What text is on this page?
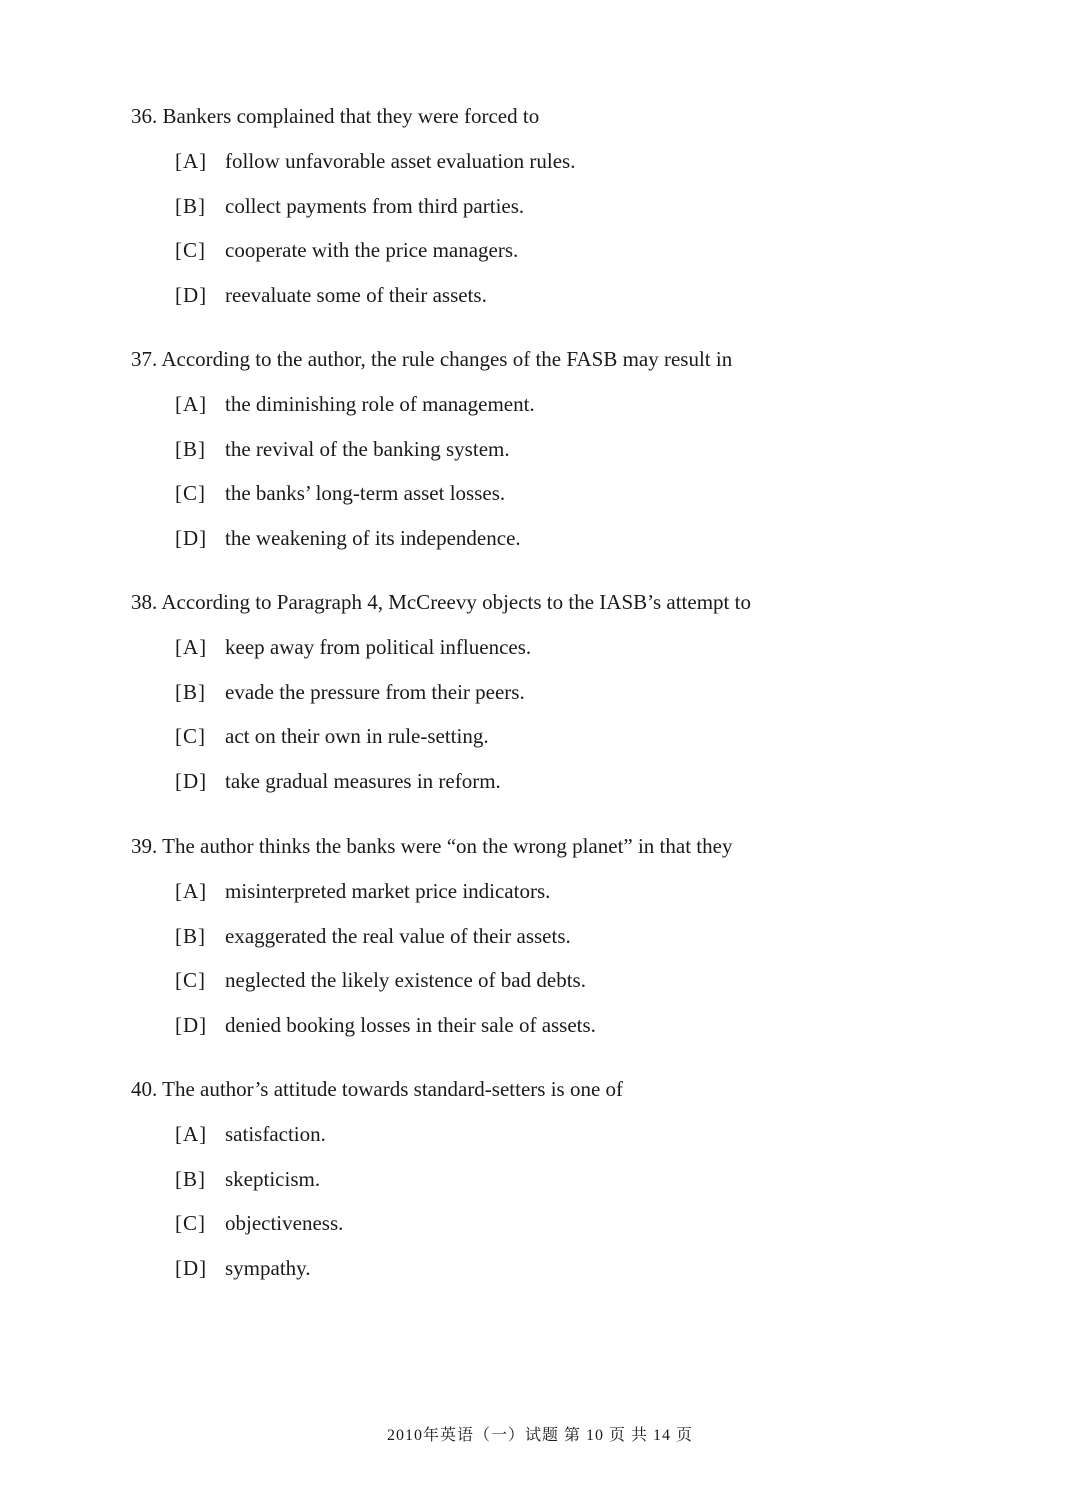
36. Bankers complained that they were forced to
[A] follow unfavorable asset evaluation rules.
[B] collect payments from third parties.
[C] cooperate with the price managers.
[D] reevaluate some of their assets.
37. According to the author, the rule changes of the FASB may result in
[A] the diminishing role of management.
[B] the revival of the banking system.
[C] the banks’ long-term asset losses.
[D] the weakening of its independence.
38. According to Paragraph 4, McCreevy objects to the IASB’s attempt to
[A] keep away from political influences.
[B] evade the pressure from their peers.
[C] act on their own in rule-setting.
[D] take gradual measures in reform.
39. The author thinks the banks were “on the wrong planet” in that they
[A] misinterpreted market price indicators.
[B] exaggerated the real value of their assets.
[C] neglected the likely existence of bad debts.
[D] denied booking losses in their sale of assets.
40. The author’s attitude towards standard-setters is one of
[A] satisfaction.
[B] skepticism.
[C] objectiveness.
[D] sympathy.
2010年英语（一）试题 第 10 页 共 14 页
